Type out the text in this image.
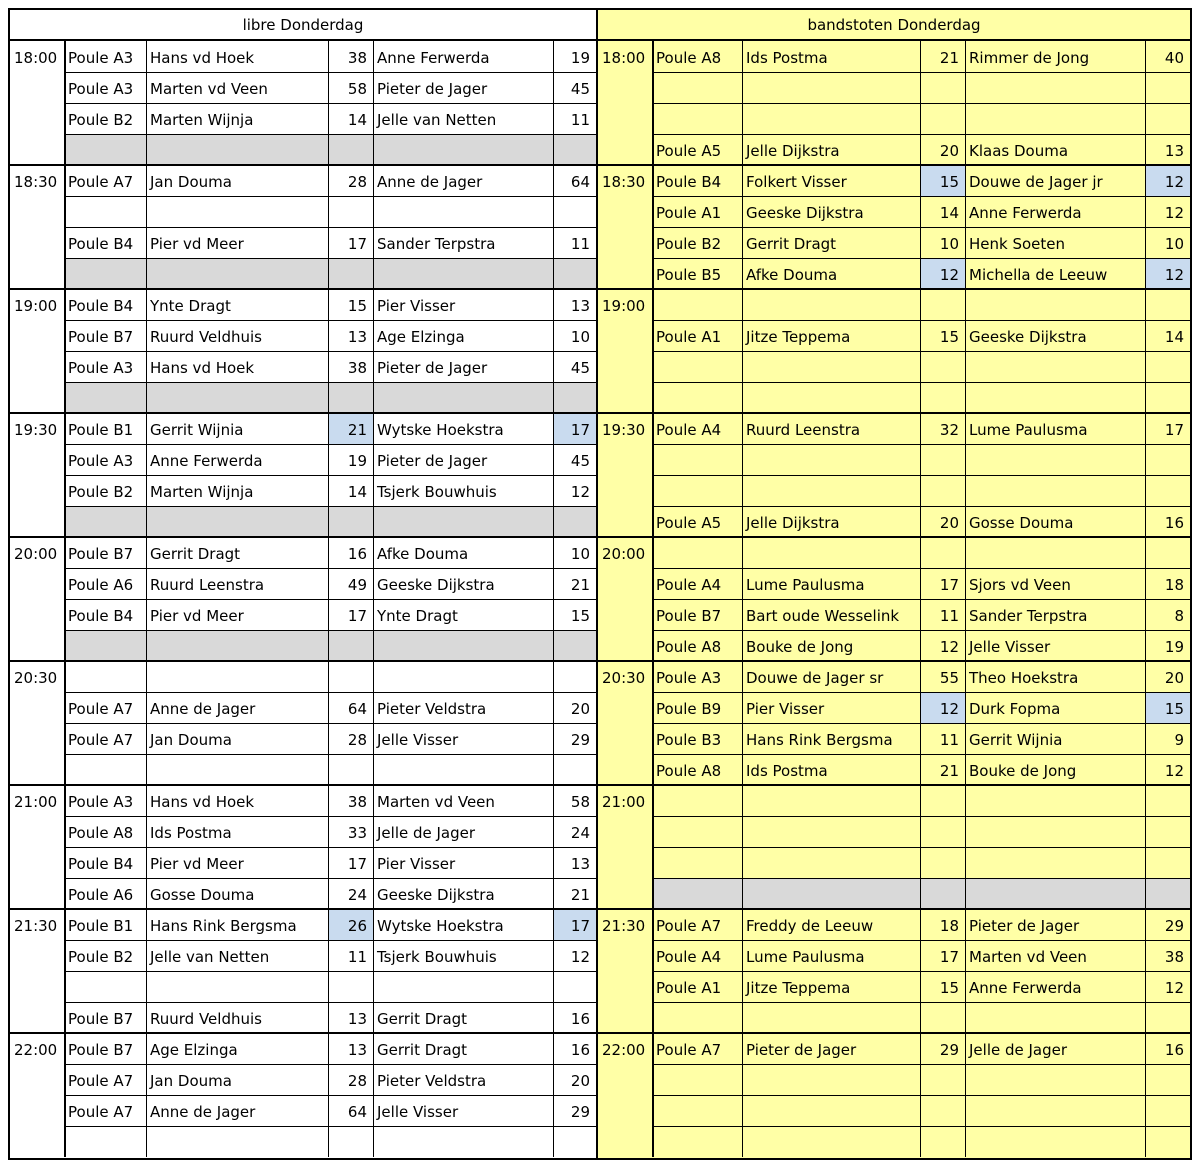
libre Donderdag
18:00 Poule A3	Hans vd Hoek	38 Anne Ferwerda	19
Poule A3	Marten vd Veen	58 Pieter de Jager	45
Poule B2	Marten Wijnja	14 Jelle van Netten	11
18:30 Poule A7	Jan Douma	28 Anne de Jager	64
Poule B4	Pier vd Meer	17 Sander Terpstra	11
19:00 Poule B4	Ynte Dragt	15 Pier Visser	13
Poule B7	Ruurd Veldhuis	13 Age Elzinga	10
Poule A3	Hans vd Hoek	38 Pieter de Jager	45
19:30 Poule B1	Gerrit Wijnia	21 Wytske Hoekstra	17
Poule A3	Anne Ferwerda	19 Pieter de Jager	45
Poule B2	Marten Wijnja	14 Tsjerk Bouwhuis	12
20:00 Poule B7	Gerrit Dragt	16 Afke Douma	10
Poule A6	Ruurd Leenstra	49 Geeske Dijkstra	21
Poule B4	Pier vd Meer	17 Ynte Dragt	15
20:30
Poule A7	Anne de Jager	64 Pieter Veldstra	20
Poule A7	Jan Douma	28 Jelle Visser	29
21:00 Poule A3	Hans vd Hoek	38 Marten vd Veen	58
Poule A8	Ids Postma	33 Jelle de Jager	24
Poule B4	Pier vd Meer	17 Pier Visser	13
Poule A6	Gosse Douma	24 Geeske Dijkstra	21
21:30 Poule B1	Hans Rink Bergsma	26 Wytske Hoekstra	17
Poule B2	Jelle van Netten	11 Tsjerk Bouwhuis	12
Poule B7	Ruurd Veldhuis	13 Gerrit Dragt	16
22:00 Poule B7	Age Elzinga	13 Gerrit Dragt	16
Poule A7	Jan Douma	28 Pieter Veldstra	20
Poule A7	Anne de Jager	64 Jelle Visser	29
bandstoten Donderdag
18:00 Poule A8	Ids Postma	21 Rimmer de Jong	40
Poule A5	Jelle Dijkstra	20 Klaas Douma	13
18:30 Poule B4	Folkert Visser	15 Douwe de Jager jr	12
Poule A1	Geeske Dijkstra	14 Anne Ferwerda	12
Poule B2	Gerrit Dragt	10 Henk Soeten	10
Poule B5	Afke Douma	12 Michella de Leeuw	12
19:00
Poule A1	Jitze Teppema	15 Geeske Dijkstra	14
19:30 Poule A4	Ruurd Leenstra	32 Lume Paulusma	17
Poule A5	Jelle Dijkstra	20 Gosse Douma	16
20:00
Poule A4	Lume Paulusma	17 Sjors vd Veen	18
Poule B7	Bart oude Wesselink	11 Sander Terpstra	8
Poule A8	Bouke de Jong	12 Jelle Visser	19
20:30 Poule A3	Douwe de Jager sr	55 Theo Hoekstra	20
Poule B9	Pier Visser	12 Durk Fopma	15
Poule B3	Hans Rink Bergsma	11 Gerrit Wijnia	9
Poule A8	Ids Postma	21 Bouke de Jong	12
21:00
21:30 Poule A7	Freddy de Leeuw	18 Pieter de Jager	29
Poule A4	Lume Paulusma	17 Marten vd Veen	38
Poule A1	Jitze Teppema	15 Anne Ferwerda	12
22:00 Poule A7	Pieter de Jager	29 Jelle de Jager	16
